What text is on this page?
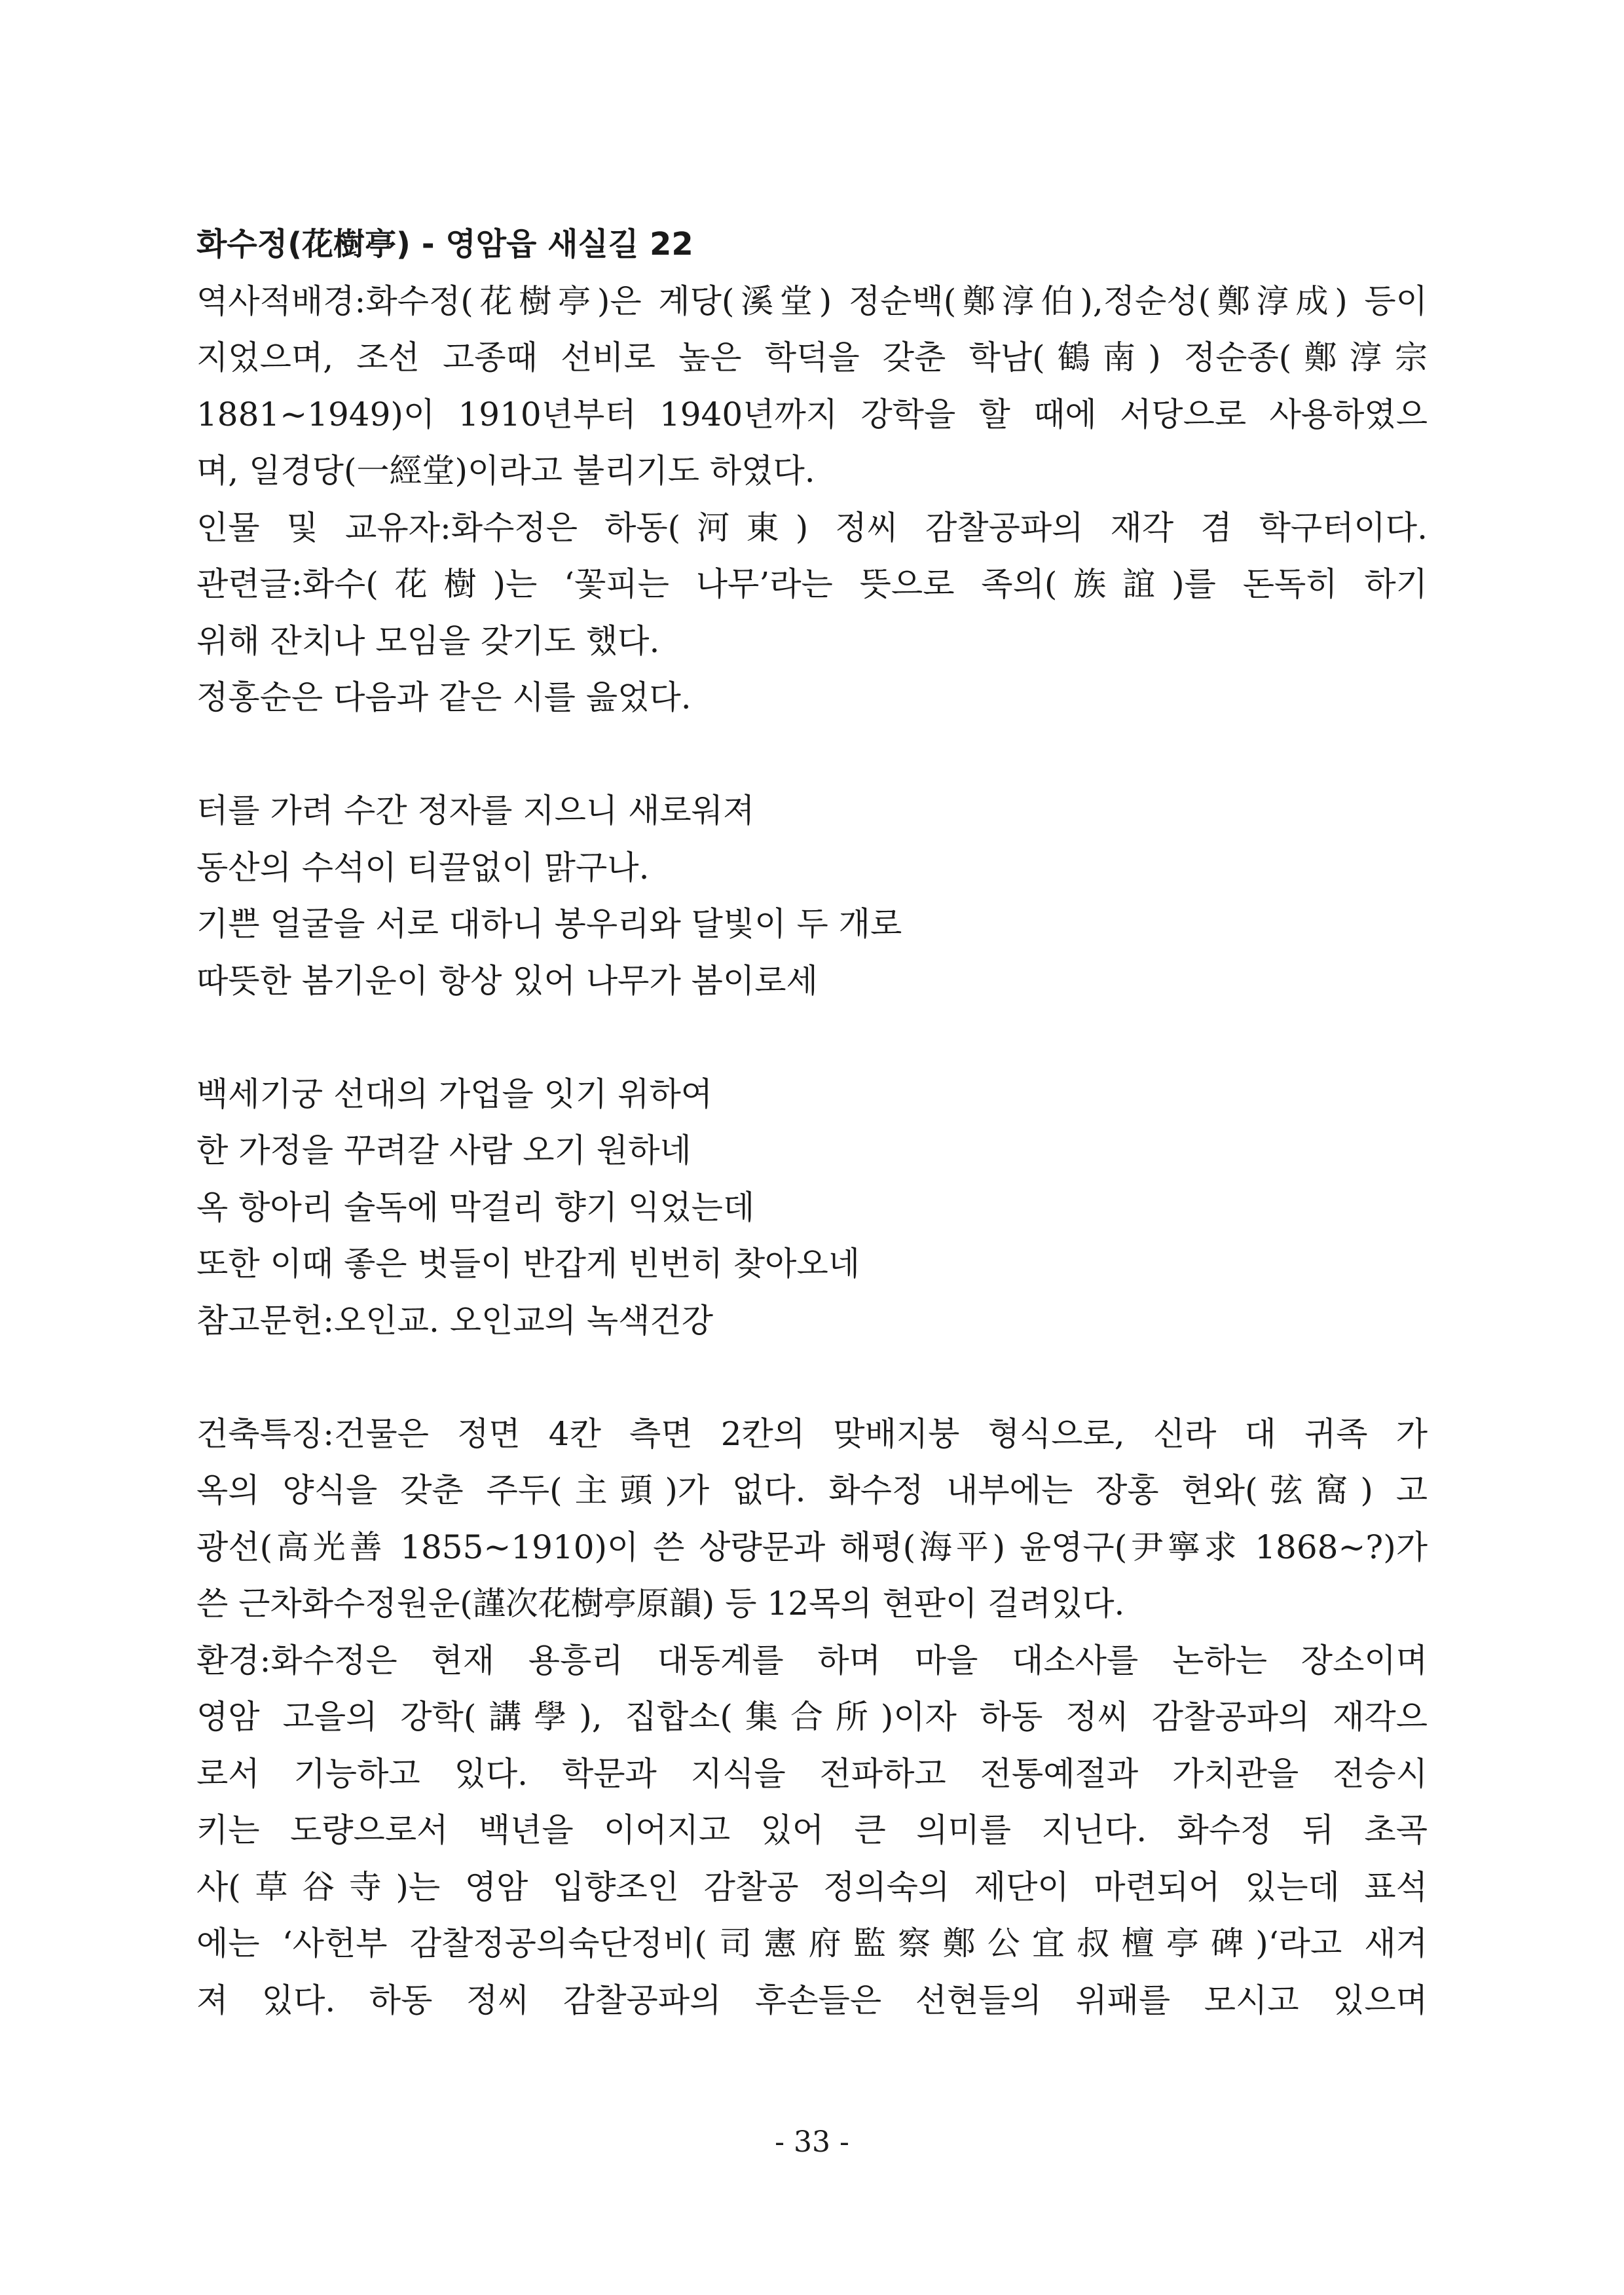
화수정(花樹亭) - 영암읍 새실길 22
역사적배경:화수정(花樹亭)은 계당(溪堂) 정순백(鄭淳伯),정순성(鄭淳成) 등이
지었으며, 조선 고종때 선비로 높은 학덕을 갖춘 학남(鶴南) 정순종(鄭淳宗
1881~1949)이 1910년부터 1940년까지 강학을 할 때에 서당으로 사용하였으
며, 일경당(一經堂)이라고 불리기도 하였다.
인물 및 교유자:화수정은 하동(河東) 정씨 감찰공파의 재각 겸 학구터이다.
관련글:화수(花樹)는 ‘꽃피는 나무’라는 뜻으로 족의(族誼)를 돈독히 하기
위해 잔치나 모임을 갖기도 했다.
정홍순은 다음과 같은 시를 읊었다.
터를 가려 수간 정자를 지으니 새로워져
동산의 수석이 티끌없이 맑구나.
기쁜 얼굴을 서로 대하니 봉우리와 달빛이 두 개로
따뜻한 봄기운이 항상 있어 나무가 봄이로세
백세기궁 선대의 가업을 잇기 위하여
한 가정을 꾸려갈 사람 오기 원하네
옥 항아리 술독에 막걸리 향기 익었는데
또한 이때 좋은 벗들이 반갑게 빈번히 찾아오네
참고문헌:오인교. 오인교의 녹색건강
건축특징:건물은 정면 4칸 측면 2칸의 맞배지붕 형식으로, 신라 대 귀족 가
옥의 양식을 갖춘 주두(主頭)가 없다. 화수정 내부에는 장홍 현와(弦窩) 고
광선(高光善 1855~1910)이 쓴 상량문과 해평(海平) 윤영구(尹寧求 1868~?)가
쓴 근차화수정원운(謹次花樹亭原韻) 등 12목의 현판이 걸려있다.
환경:화수정은 현재 용흥리 대동계를 하며 마을 대소사를 논하는 장소이며
영암 고을의 강학(講學), 집합소(集合所)이자 하동 정씨 감찰공파의 재각으
로서 기능하고 있다. 학문과 지식을 전파하고 전통예절과 가치관을 전승시
키는 도량으로서 백년을 이어지고 있어 큰 의미를 지닌다. 화수정 뒤 초곡
사(草谷寺)는 영암 입향조인 감찰공 정의숙의 제단이 마련되어 있는데 표석
에는 ‘사헌부 감찰정공의숙단정비(司憲府監察鄭公宜叔檀亭碑)‘라고 새겨
져 있다. 하동 정씨 감찰공파의 후손들은 선현들의 위패를 모시고 있으며
- 33 -
